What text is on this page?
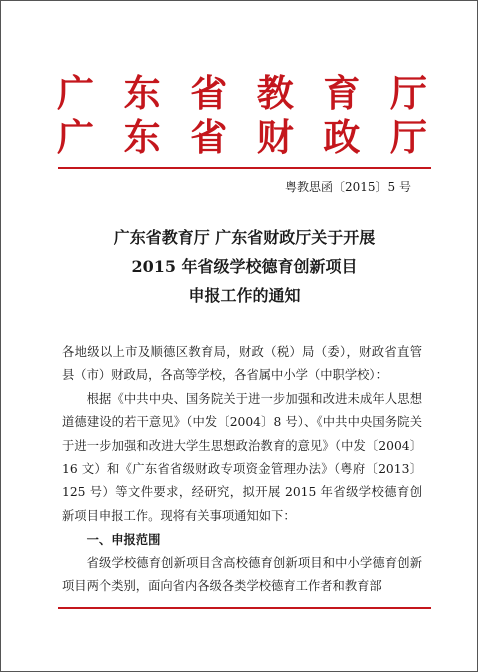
广 东 省 教 育 厅
广 东 省 财 政 厅
粤教思函〔2015〕5 号
广东省教育厅 广东省财政厅关于开展
2015 年省级学校德育创新项目
申报工作的通知

各地级以上市及顺德区教育局，财政（税）局（委），财政省直管县（市）财政局，各高等学校，各省属中小学（中职学校）：

根据《中共中央、国务院关于进一步加强和改进未成年人思想道德建设的若干意见》（中发〔2004〕8 号）、《中共中央国务院关于进一步加强和改进大学生思想政治教育的意见》（中发〔2004〕16 文）和《广东省省级财政专项资金管理办法》（粤府〔2013〕125 号）等文件要求，经研究，拟开展 2015 年省级学校德育创新项目申报工作。现将有关事项通知如下：

一、申报范围

省级学校德育创新项目含高校德育创新项目和中小学德育创新项目两个类别，面向省内各级各类学校德育工作者和教育部
